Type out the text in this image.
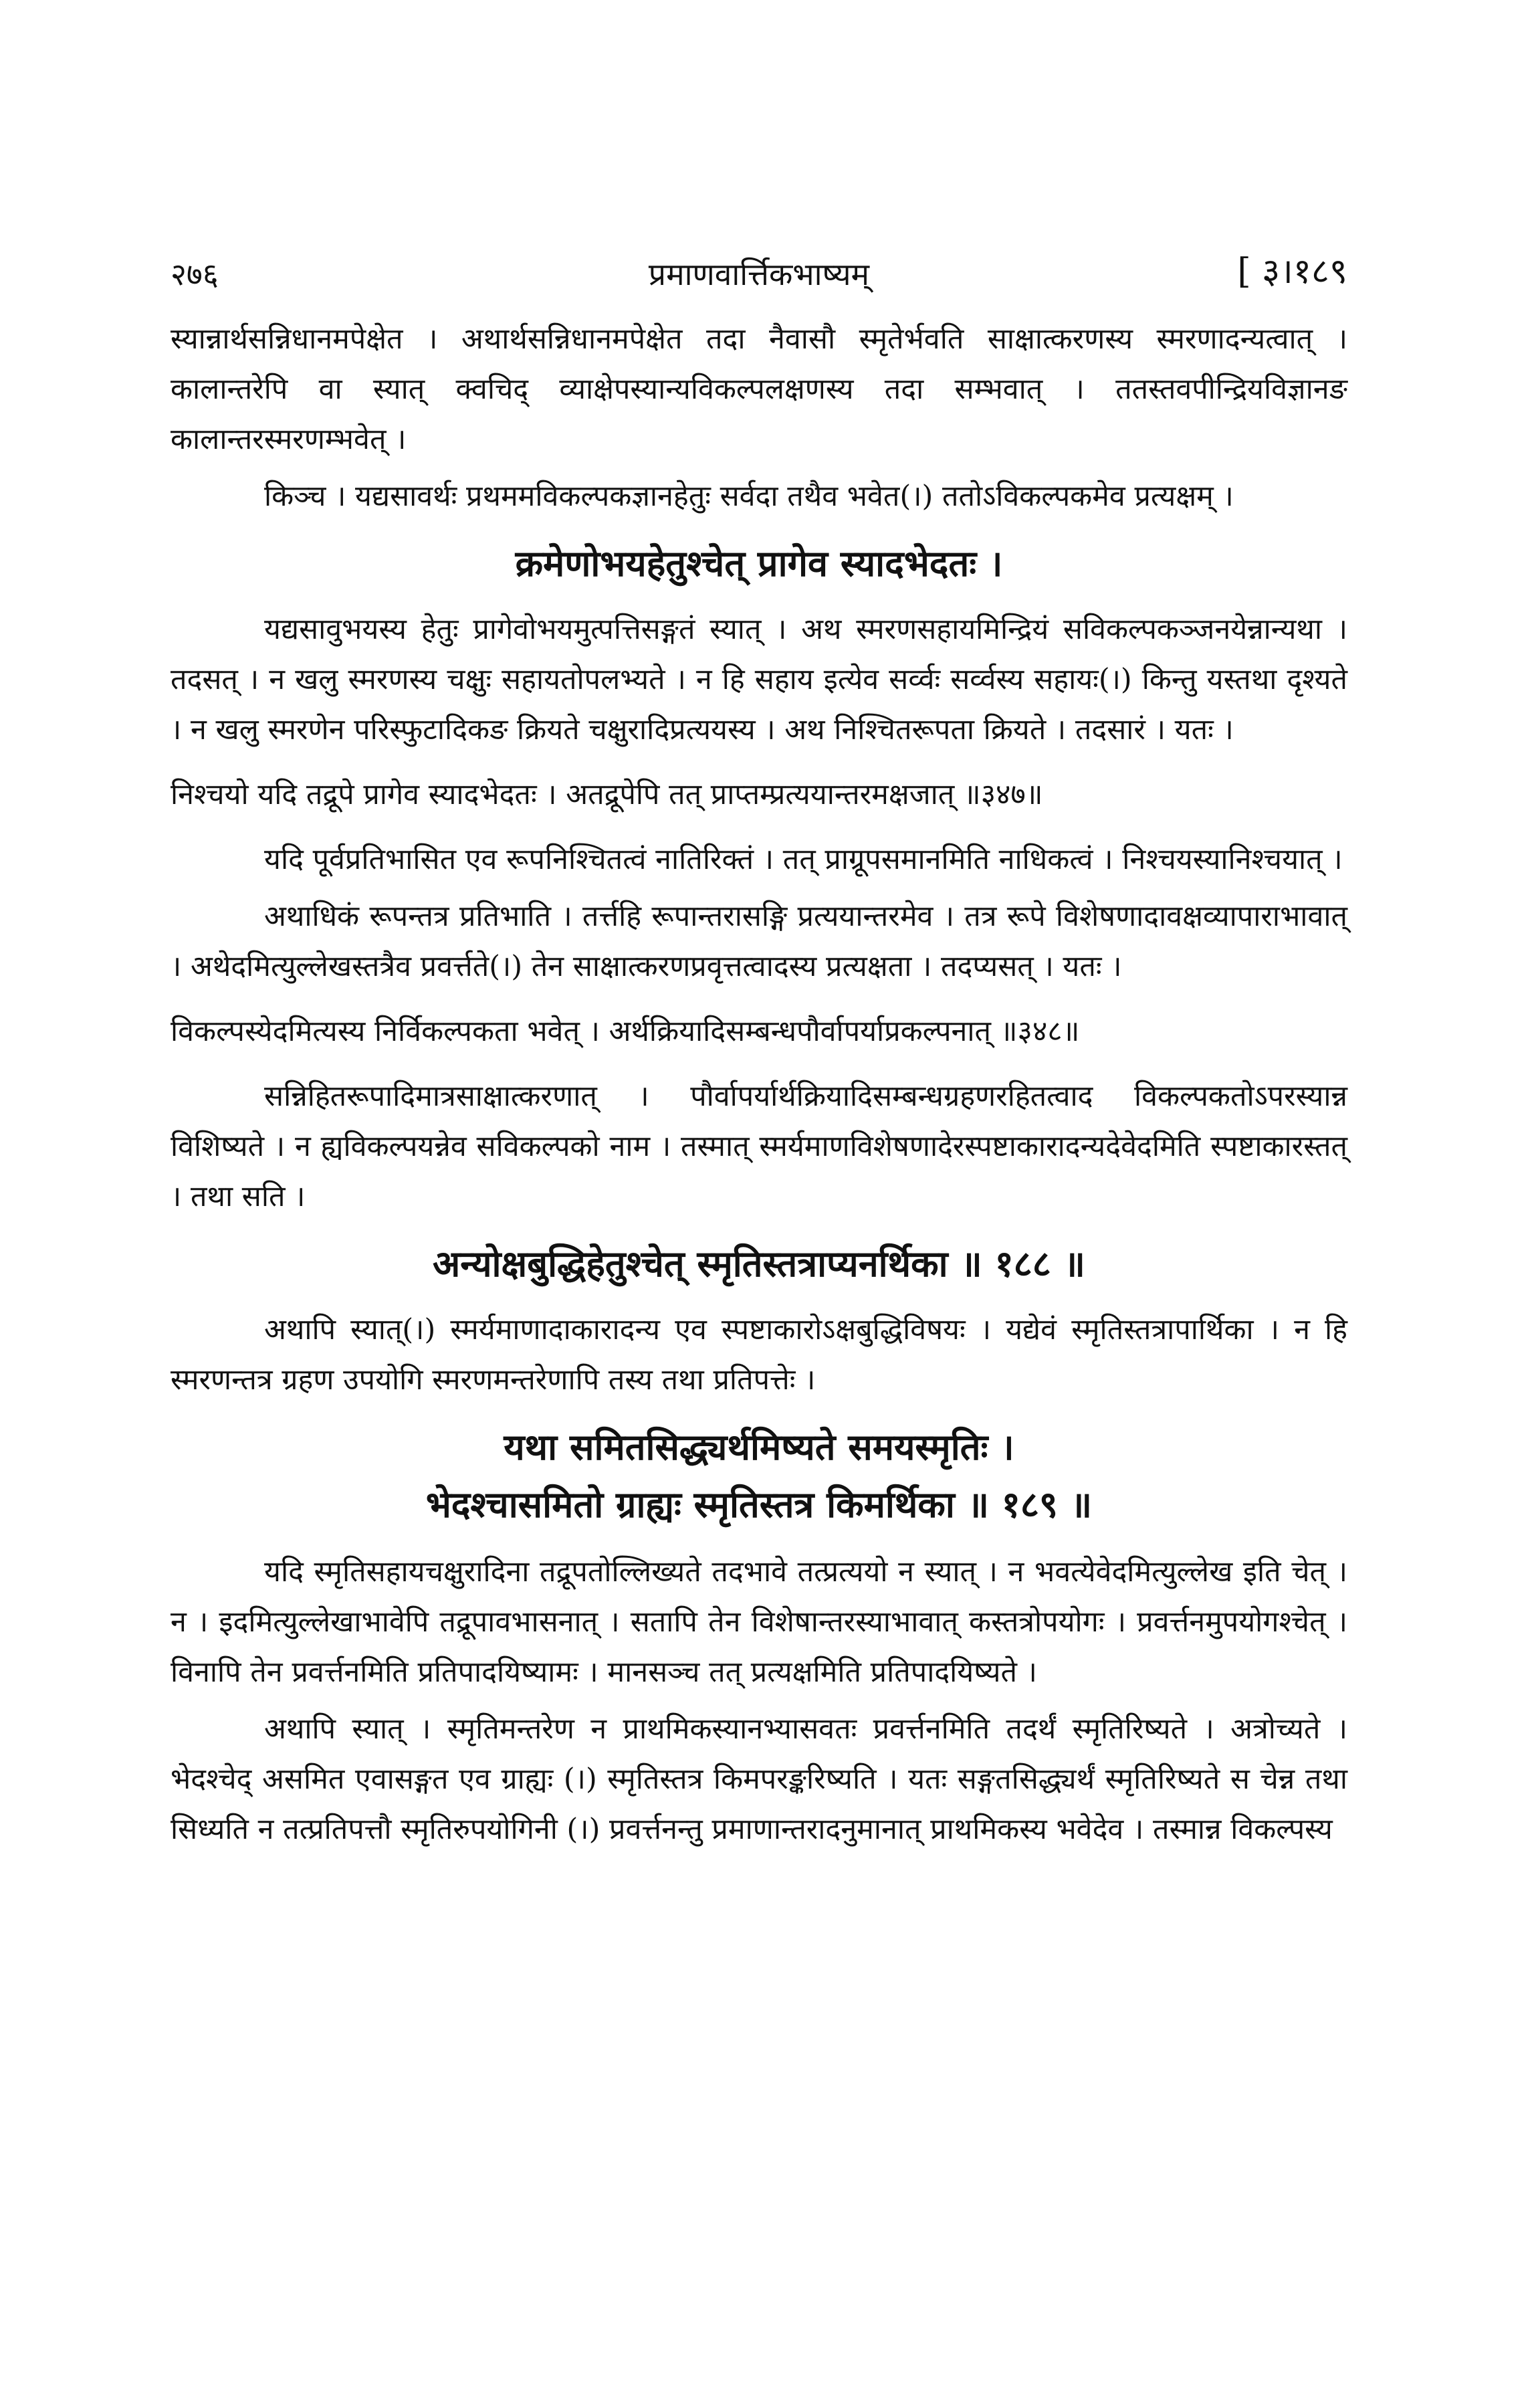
२७६	प्रमाणवार्त्तिकभाष्यम्	[ ३।१८९

स्यान्नार्थसन्निधानमपेक्षेत । अथार्थसन्निधानमपेक्षेत तदा नैवासौ स्मृतेर्भवति साक्षात्करणस्य स्मरणादन्यत्वात् । कालान्तरेपि वा स्यात् क्वचिद् व्याक्षेपस्यान्यविकल्पलक्षणस्य तदा सम्भवात् । ततस्तवपीन्द्रियविज्ञानङ कालान्तरस्मरणम्भवेत् ।

किञ्च । यद्यसावर्थः प्रथममविकल्पकज्ञानहेतुः सर्वदा तथैव भवेत(।) ततोऽविकल्पकमेव प्रत्यक्षम् ।

क्रमेणोभयहेतुश्चेत् प्रागेव स्यादभेदतः ।

यद्यसावुभयस्य हेतुः प्रागेवोभयमुत्पत्तिसङ्गतं स्यात् । अथ स्मरणसहायमिन्द्रियं सविकल्पकञ्जनयेन्नान्यथा । तदसत् । न खलु स्मरणस्य चक्षुः सहायतोपलभ्यते । न हि सहाय इत्येव सर्व्वः सर्व्वस्य सहायः(।) किन्तु यस्तथा दृश्यते । न खलु स्मरणेन परिस्फुटादिकङ क्रियते चक्षुरादिप्रत्ययस्य । अथ निश्चितरूपता क्रियते । तदसारं । यतः ।

निश्चयो यदि तद्रूपे प्रागेव स्यादभेदतः । अतद्रूपेपि तत् प्राप्तम्प्रत्ययान्तरमक्षजात् ॥३४७॥

यदि पूर्वप्रतिभासित एव रूपनिश्चितत्वं नातिरिक्तं । तत् प्राग्रूपसमानमिति नाधिकत्वं । निश्चयस्यानिश्चयात् ।

अथाधिकं रूपन्तत्र प्रतिभाति । तर्त्तहि रूपान्तरासङ्गि प्रत्ययान्तरमेव । तत्र रूपे विशेषणादावक्षव्यापाराभावात् । अथेदमित्युल्लेखस्तत्रैव प्रवर्त्तते(।) तेन साक्षात्करणप्रवृत्तत्वादस्य प्रत्यक्षता । तदप्यसत् । यतः ।

विकल्पस्येदमित्यस्य निर्विकल्पकता भवेत् । अर्थक्रियादिसम्बन्धपौर्वापर्याप्रकल्पनात् ॥३४८॥

सन्निहितरूपादिमात्रसाक्षात्करणात् । पौर्वापर्यार्थक्रियादिसम्बन्धग्रहणरहितत्वाद विकल्पकतोऽपरस्यान्न विशिष्यते । न ह्यविकल्पयन्नेव सविकल्पको नाम । तस्मात् स्मर्यमाणविशेषणादेरस्पष्टाकारादन्यदेवेदमिति स्पष्टाकारस्तत् । तथा सति ।

अन्योक्षबुद्धिहेतुश्चेत् स्मृतिस्तत्राप्यनर्थिका ॥ १८८ ॥

अथापि स्यात्(।) स्मर्यमाणादाकारादन्य एव स्पष्टाकारोऽक्षबुद्धिविषयः । यद्येवं स्मृतिस्तत्रापार्थिका । न हि स्मरणन्तत्र ग्रहण उपयोगि स्मरणमन्तरेणापि तस्य तथा प्रतिपत्तेः ।

यथा समितसिद्ध्यर्थमिष्यते समयस्मृतिः ।
भेदश्चासमितो ग्राह्यः स्मृतिस्तत्र किमर्थिका ॥ १८९ ॥

यदि स्मृतिसहायचक्षुरादिना तद्रूपतोल्लिख्यते तदभावे तत्प्रत्ययो न स्यात् । न भवत्येवेदमित्युल्लेख इति चेत् । न । इदमित्युल्लेखाभावेपि तद्रूपावभासनात् । सतापि तेन विशेषान्तरस्याभावात् कस्तत्रोपयोगः । प्रवर्त्तनमुपयोगश्चेत् । विनापि तेन प्रवर्त्तनमिति प्रतिपादयिष्यामः । मानसञ्च तत् प्रत्यक्षमिति प्रतिपादयिष्यते ।

अथापि स्यात् । स्मृतिमन्तरेण न प्राथमिकस्यानभ्यासवतः प्रवर्त्तनमिति तदर्थं स्मृतिरिष्यते । अत्रोच्यते । भेदश्चेद् असमित एवासङ्गत एव ग्राह्यः (।) स्मृतिस्तत्र किमपरङ्करिष्यति । यतः सङ्गतसिद्ध्यर्थं स्मृतिरिष्यते स चेन्न तथा सिध्यति न तत्प्रतिपत्तौ स्मृतिरुपयोगिनी (।) प्रवर्त्तनन्तु प्रमाणान्तरादनुमानात् प्राथमिकस्य भवेदेव । तस्मान्न विकल्पस्य
